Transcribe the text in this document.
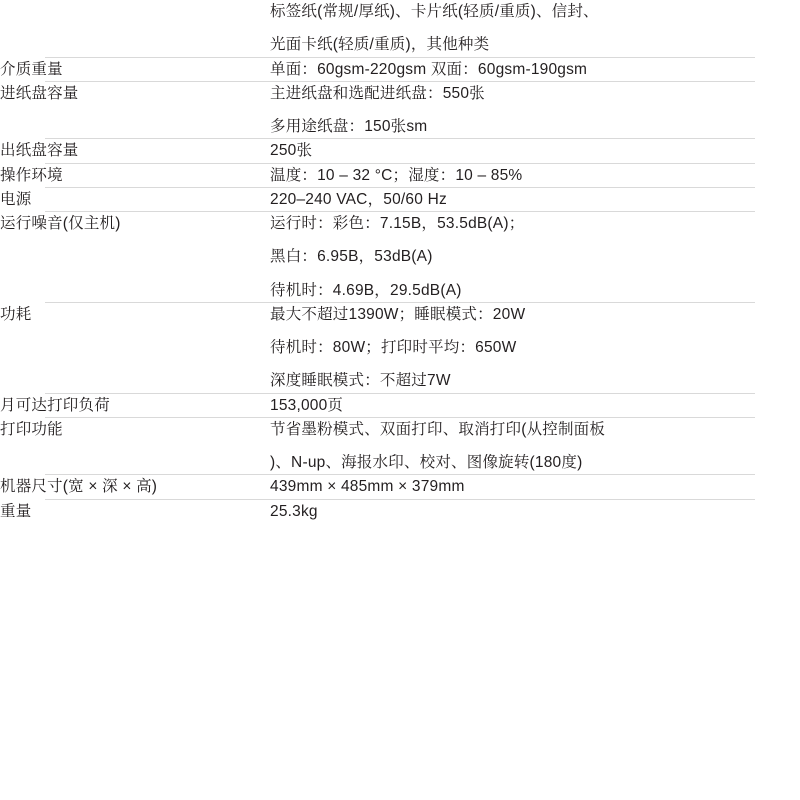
	标签纸(常规/厚纸)、卡片纸(轻质/重质)、信封、
光面卡纸(轻质/重质)，其他种类

介质重量	单面：60gsm-220gsm 双面：60gsm-190gsm

进纸盘容量	主进纸盘和选配进纸盘：550张
多用途纸盘：150张sm

出纸盘容量	250张

操作环境	温度：10 – 32 °C；湿度：10 – 85%

电源	220–240 VAC，50/60 Hz

运行噪音(仅主机)	运行时：彩色：7.15B，53.5dB(A)；
黑白：6.95B，53dB(A)
待机时：4.69B，29.5dB(A)

功耗	最大不超过1390W；睡眠模式：20W
待机时：80W；打印时平均：650W
深度睡眠模式：不超过7W

月可达打印负荷	153,000页

打印功能	节省墨粉模式、双面打印、取消打印(从控制面板
)、N-up、海报水印、校对、图像旋转(180度)

机器尺寸(宽 × 深 × 高)	439mm × 485mm × 379mm

重量	25.3kg
